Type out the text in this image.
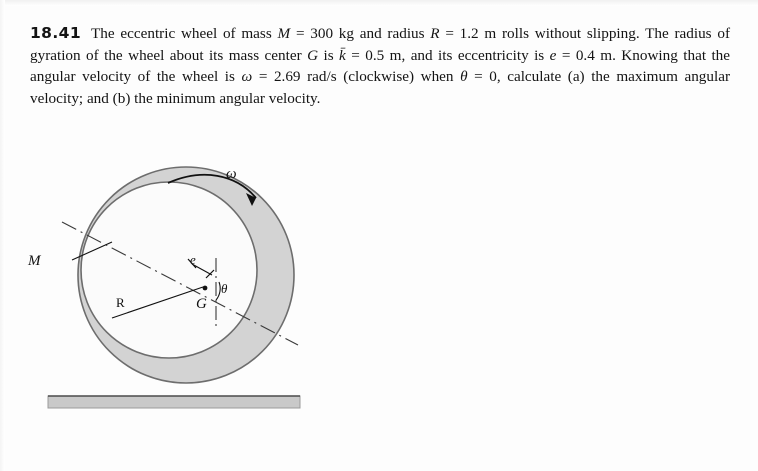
18.41 The eccentric wheel of mass M = 300 kg and radius R = 1.2 m rolls without slipping. The radius of gyration of the wheel about its mass center G is k̄ = 0.5 m, and its eccentricity is e = 0.4 m. Knowing that the angular velocity of the wheel is ω = 2.69 rad/s (clockwise) when θ = 0, calculate (a) the maximum angular velocity; and (b) the minimum angular velocity.
ω
M
R
e
G
θ
